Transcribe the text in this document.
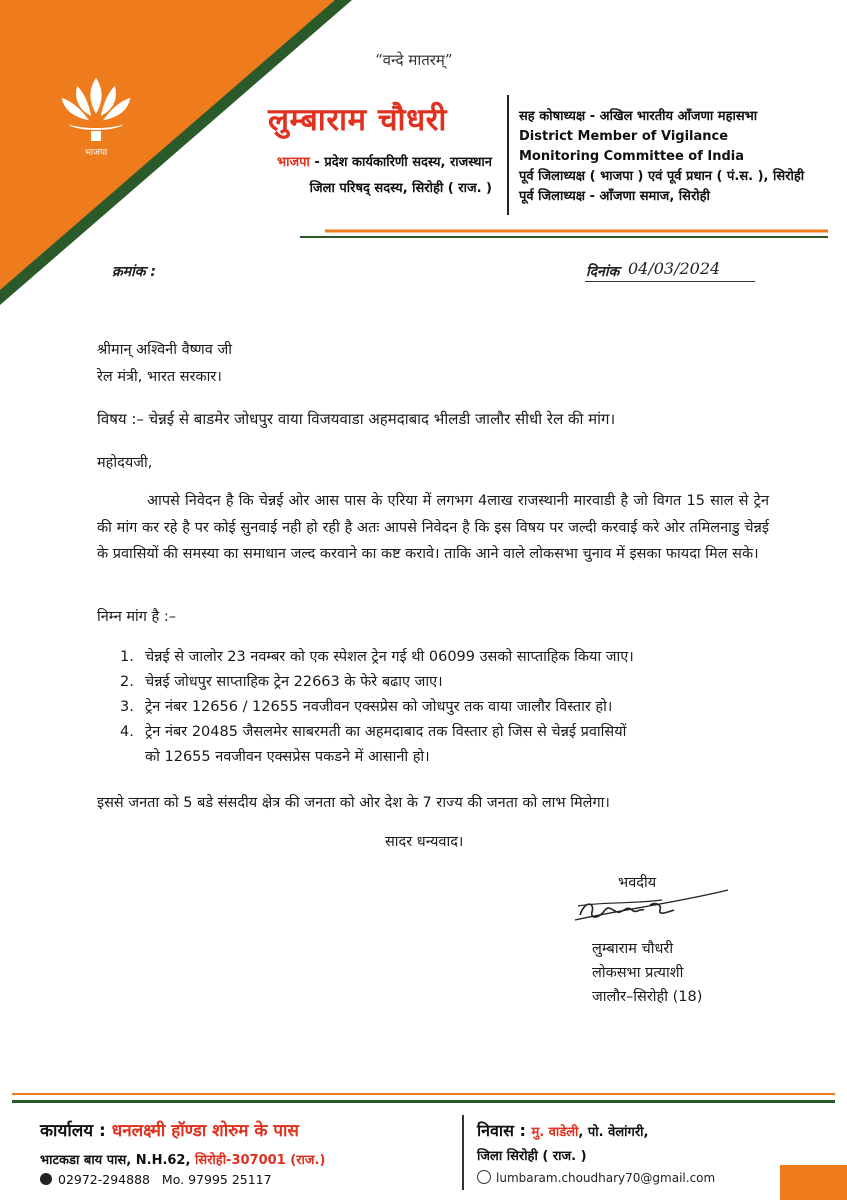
भाजपा
“वन्दे मातरम्”
लुम्बाराम चौधरी
भाजपा - प्रदेश कार्यकारिणी सदस्य, राजस्थान
जिला परिषद् सदस्य, सिरोही ( राज. )
सह कोषाध्यक्ष - अखिल भारतीय आँजणा महासभा
District Member of Vigilance
Monitoring Committee of India
पूर्व जिलाध्यक्ष ( भाजपा ) एवं पूर्व प्रधान ( पं.स. ), सिरोही
पूर्व जिलाध्यक्ष - आँजणा समाज, सिरोही
क्रमांक :	दिनांक 04/03/2024
श्रीमान् अश्विनी वैष्णव जी
रेल मंत्री, भारत सरकार।
विषय :– चेन्नई से बाडमेर जोधपुर वाया विजयवाडा अहमदाबाद भीलडी जालौर सीधी रेल की मांग।
महोदयजी,
आपसे निवेदन है कि चेन्नई ओर आस पास के एरिया में लगभग 4लाख राजस्थानी मारवाडी है जो विगत 15 साल से ट्रेन की मांग कर रहे है पर कोई सुनवाई नही हो रही है अतः आपसे निवेदन है कि इस विषय पर जल्दी करवाई करे ओर तमिलनाडु चेन्नई के प्रवासियों की समस्या का समाधान जल्द करवाने का कष्ट करावे। ताकि आने वाले लोकसभा चुनाव में इसका फायदा मिल सके।
निम्न मांग है :–
1. चेन्नई से जालोर 23 नवम्बर को एक स्पेशल ट्रेन गई थी 06099 उसको साप्ताहिक किया जाए।
2. चेन्नई जोधपुर साप्ताहिक ट्रेन 22663 के फेरे बढाए जाए।
3. ट्रेन नंबर 12656 / 12655 नवजीवन एक्सप्रेस को जोधपुर तक वाया जालौर विस्तार हो।
4. ट्रेन नंबर 20485 जैसलमेर साबरमती का अहमदाबाद तक विस्तार हो जिस से चेन्नई प्रवासियों
को 12655 नवजीवन एक्सप्रेस पकडने में आसानी हो।
इससे जनता को 5 बडे संसदीय क्षेत्र की जनता को ओर देश के 7 राज्य की जनता को लाभ मिलेगा।
सादर धन्यवाद।
भवदीय
लुम्बाराम चौधरी
लोकसभा प्रत्याशी
जालौर–सिरोही (18)
कार्यालय : धनलक्ष्मी हॉण्डा शोरुम के पास
भाटकडा बाय पास, N.H.62, सिरोही-307001 (राज.)
02972-294888 Mo. 97995 25117
निवास : मु. वाडेली, पो. वेलांगरी,
जिला सिरोही ( राज. )
lumbaram.choudhary70@gmail.com
